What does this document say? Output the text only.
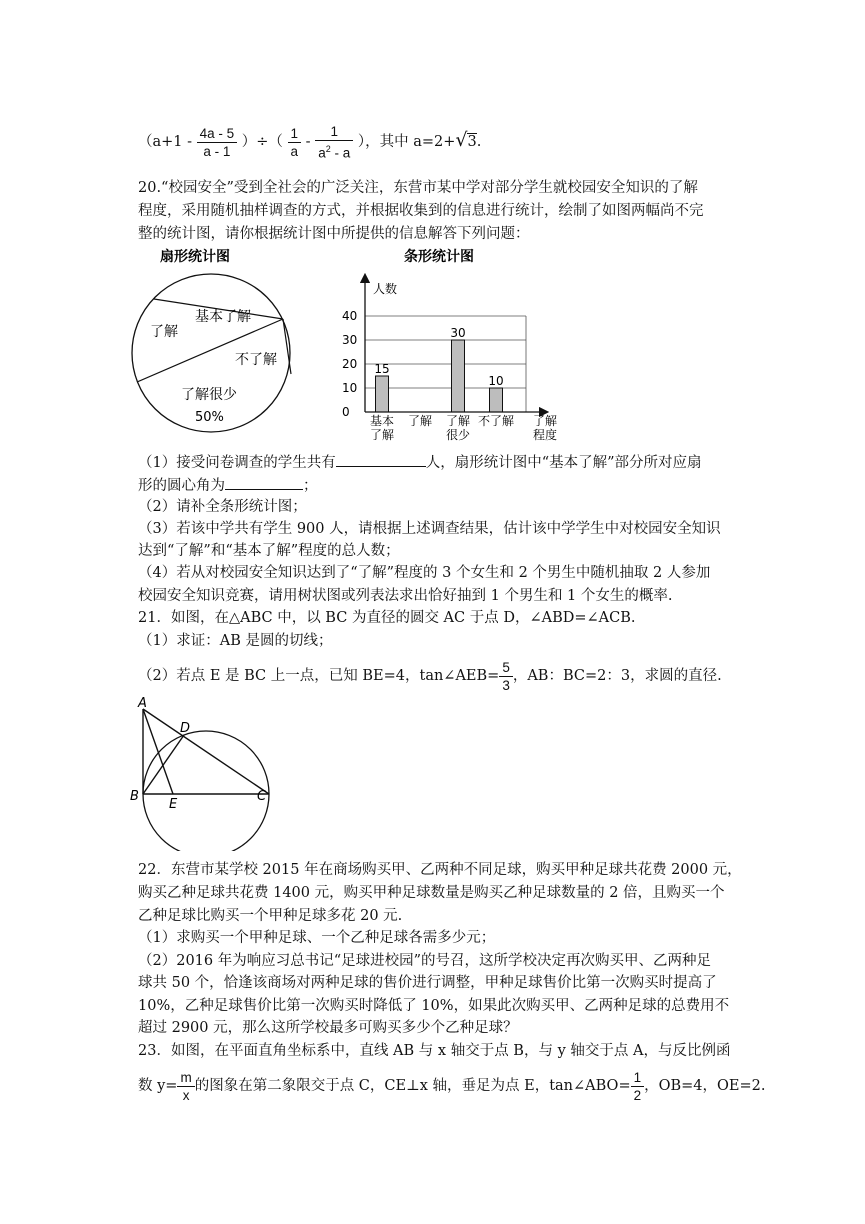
（$a+1 - \frac{4a - 5}{a - 1}$ ）÷（ $\frac{1}{a} - \frac{1}{a^2 - a}$ ），其中 a=2+√3.
20.“校园安全”受到全社会的广泛关注，东营市某中学对部分学生就校园安全知识的了解
程度，采用随机抽样调查的方式，并根据收集到的信息进行统计，绘制了如图两幅尚不完
整的统计图，请你根据统计图中所提供的信息解答下列问题：
扇形统计图
基本了解
了解
不了解
了解很少
50%
条形统计图
人数
0
10
20
30
40
15
30
10
基本
了解
了解 了解
很少
不了解 了解
程度
（1）接受问卷调查的学生共有	人，扇形统计图中“基本了解”部分所对应扇
形的圆心角为	；
（2）请补全条形统计图；
（3）若该中学共有学生 900 人，请根据上述调查结果，估计该中学学生中对校园安全知识
达到“了解”和“基本了解”程度的总人数；
（4）若从对校园安全知识达到了“了解”程度的 3 个女生和 2 个男生中随机抽取 2 人参加
校园安全知识竞赛，请用树状图或列表法求出恰好抽到 1 个男生和 1 个女生的概率.
21．如图，在△ABC 中，以 BC 为直径的圆交 AC 于点 D，∠ABD=∠ACB.
（1）求证：AB 是圆的切线；
（2）若点 E 是 BC 上一点，已知 BE=4，tan∠AEB= $\frac{5}{3}$ ，AB：BC=2：3，求圆的直径.
A
D
B
E
C
22．东营市某学校 2015 年在商场购买甲、乙两种不同足球，购买甲种足球共花费 2000 元，
购买乙种足球共花费 1400 元，购买甲种足球数量是购买乙种足球数量的 2 倍，且购买一个
乙种足球比购买一个甲种足球多花 20 元.
（1）求购买一个甲种足球、一个乙种足球各需多少元；
（2）2016 年为响应习总书记“足球进校园”的号召，这所学校决定再次购买甲、乙两种足
球共 50 个，恰逢该商场对两种足球的售价进行调整，甲种足球售价比第一次购买时提高了
10%，乙种足球售价比第一次购买时降低了 10%，如果此次购买甲、乙两种足球的总费用不
超过 2900 元，那么这所学校最多可购买多少个乙种足球？
23．如图，在平面直角坐标系中，直线 AB 与 x 轴交于点 B，与 y 轴交于点 A，与反比例函
数 $y= \frac{m}{x}$ 的图象在第二象限交于点 C，CE⊥x 轴，垂足为点 E，tan∠ABO= $\frac{1}{2}$ ，OB=4，OE=2.
